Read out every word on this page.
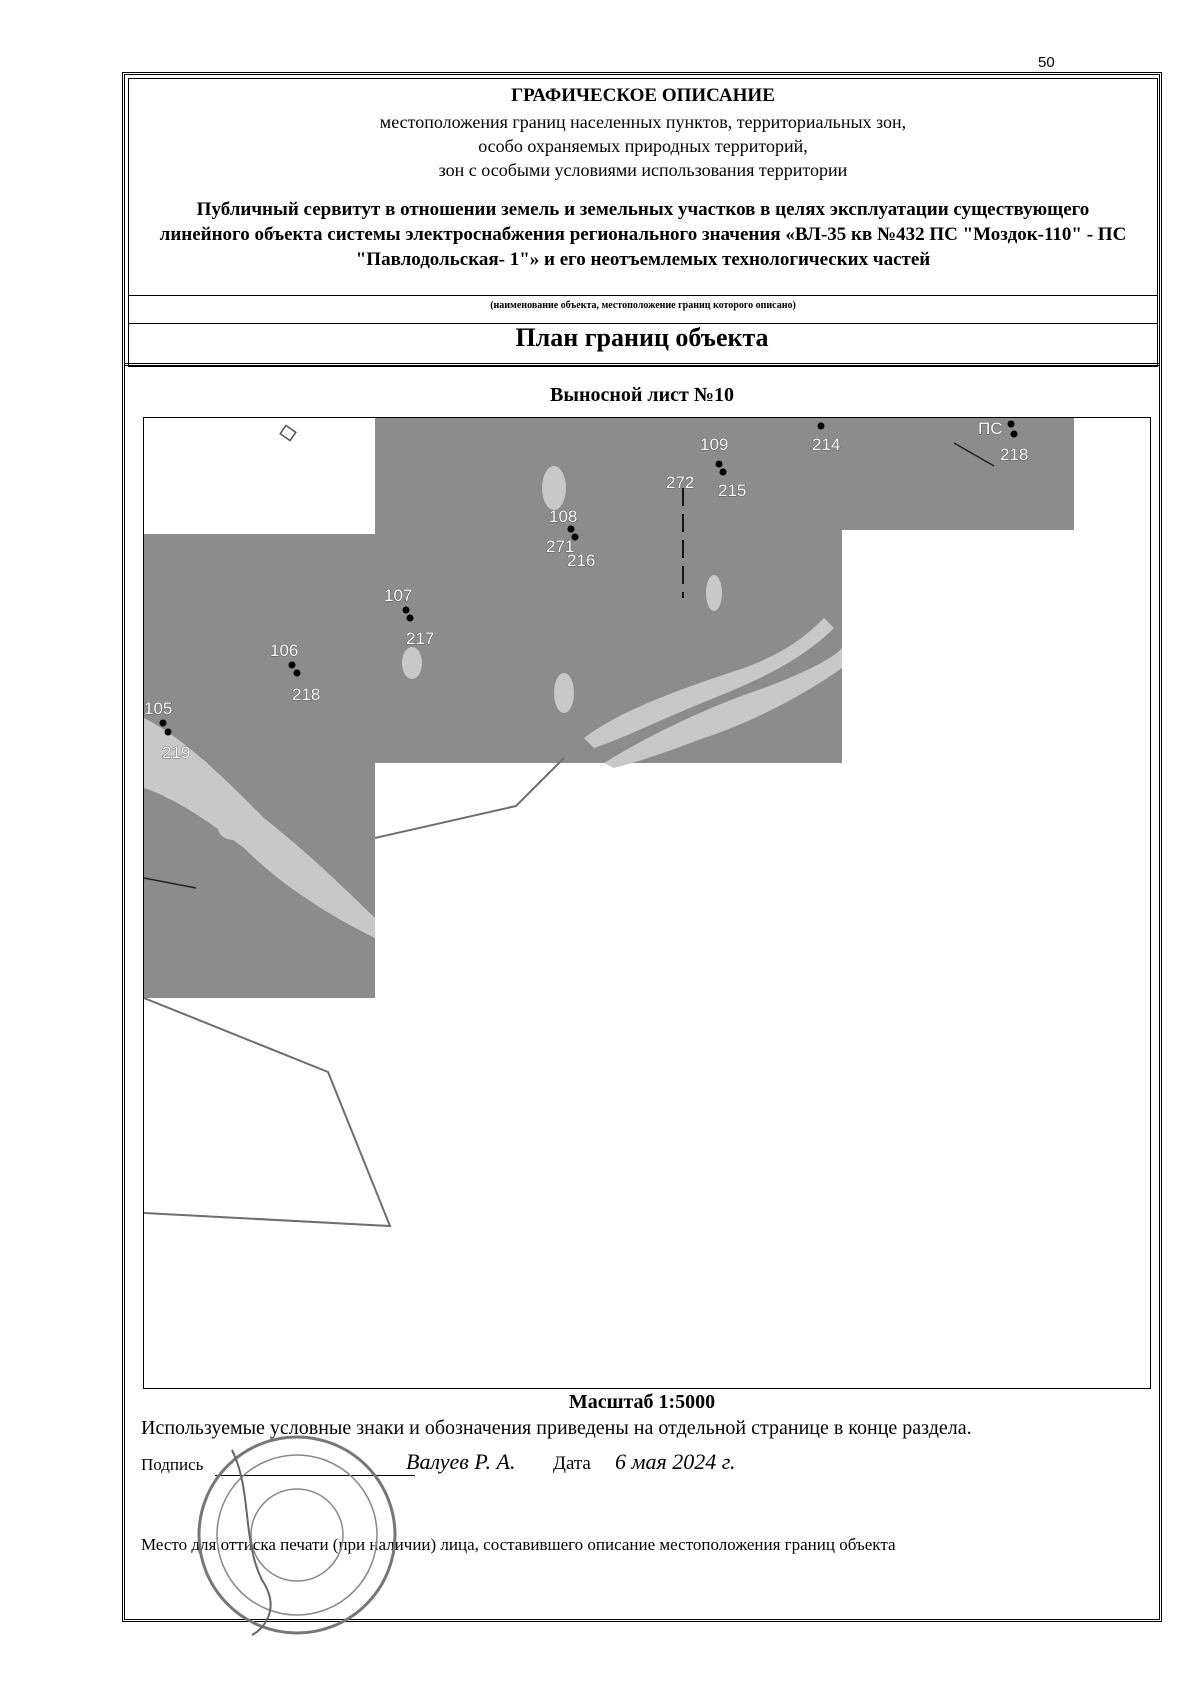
50
ГРАФИЧЕСКОЕ ОПИСАНИЕ
местоположения границ населенных пунктов, территориальных зон,
особо охраняемых природных территорий,
зон с особыми условиями использования территории
Публичный сервитут в отношении земель и земельных участков в целях эксплуатации существующего линейного объекта системы электроснабжения регионального значения «ВЛ-35 кв №432 ПС "Моздок-110" - ПС "Павлодольская- 1"» и его неотъемлемых технологических частей
(наименование объекта, местоположение границ которого описано)
План границ объекта
Выносной лист №10
105
106
107
108
109	214
215
216
217
218
219
271
272
ПС
218
Масштаб 1:5000
Используемые условные знаки и обозначения приведены на отдельной странице в конце раздела.
Подпись	Валуев Р. А. Дата 6 мая 2024 г.
Место для оттиска печати (при наличии) лица, составившего описание местоположения границ объекта
